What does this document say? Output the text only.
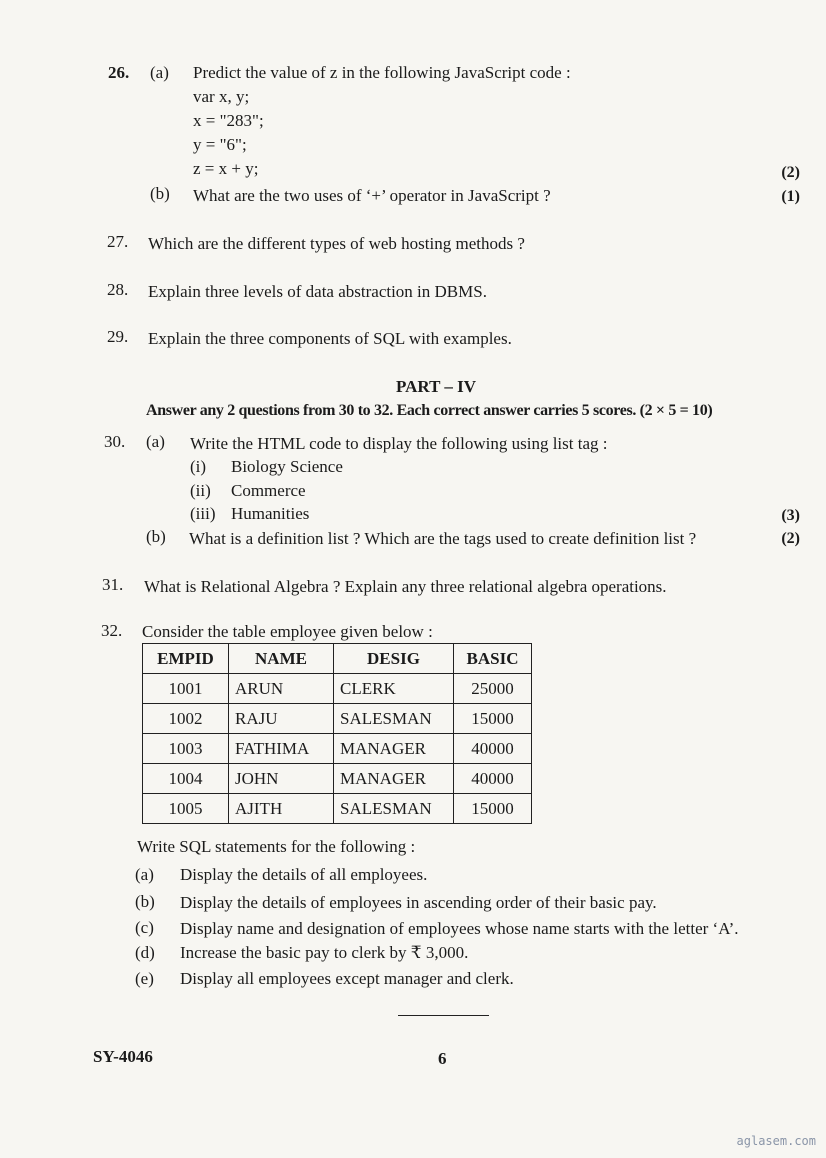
26. (a) Predict the value of z in the following JavaScript code :
var x, y;
x = "283";
y = "6";
z = x + y;	(2)
(b) What are the two uses of ‘+’ operator in JavaScript ?	(1)
27. Which are the different types of web hosting methods ?
28. Explain three levels of data abstraction in DBMS.
29. Explain the three components of SQL with examples.
PART – IV
Answer any 2 questions from 30 to 32. Each correct answer carries 5 scores. (2 × 5 = 10)
30. (a) Write the HTML code to display the following using list tag :
(i) Biology Science
(ii) Commerce
(iii) Humanities	(3)
(b) What is a definition list ? Which are the tags used to create definition list ?	(2)
31. What is Relational Algebra ? Explain any three relational algebra operations.
32. Consider the table employee given below :
EMPID	NAME	DESIG	BASIC
1001	ARUN	CLERK	25000
1002	RAJU	SALESMAN	15000
1003	FATHIMA	MANAGER	40000
1004	JOHN	MANAGER	40000
1005	AJITH	SALESMAN	15000
Write SQL statements for the following :
(a) Display the details of all employees.
(b) Display the details of employees in ascending order of their basic pay.
(c) Display name and designation of employees whose name starts with the letter ‘A’.
(d) Increase the basic pay to clerk by ₹ 3,000.
(e) Display all employees except manager and clerk.
SY-4046	6
aglasem.com
